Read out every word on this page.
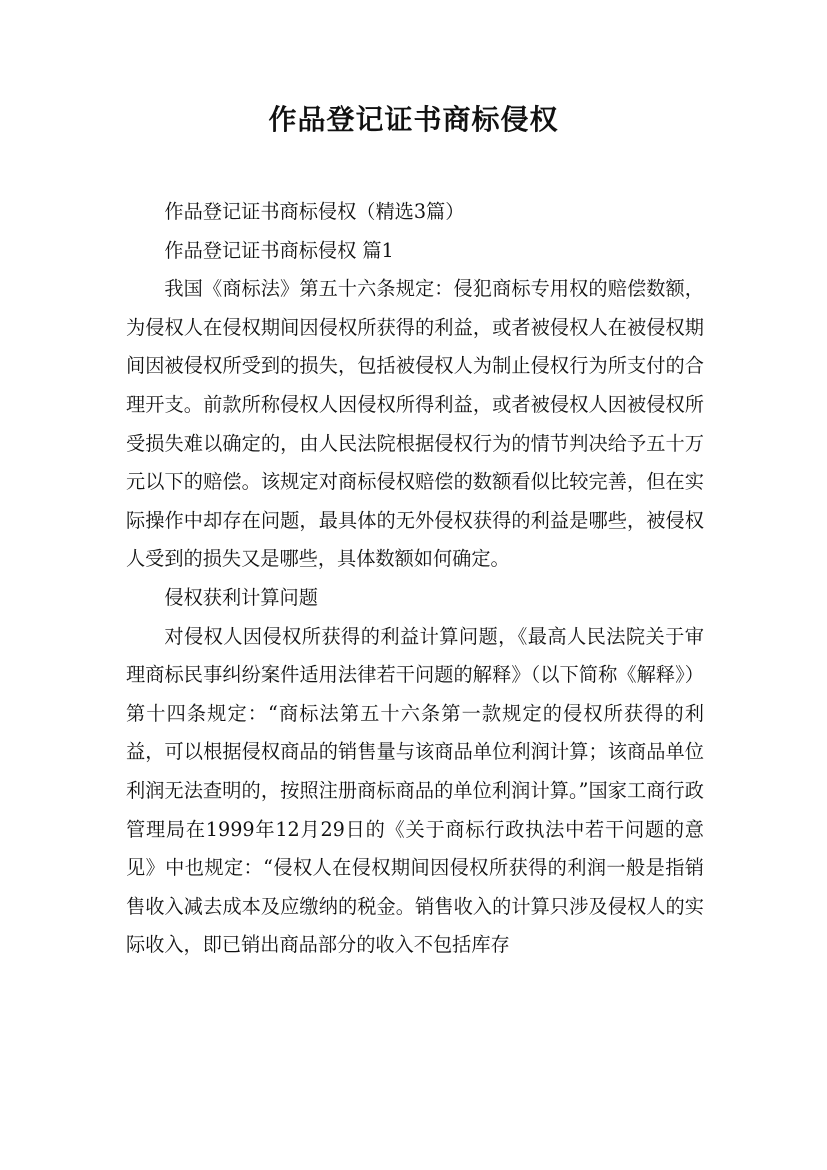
作品登记证书商标侵权

作品登记证书商标侵权（精选3篇）

作品登记证书商标侵权 篇1

我国《商标法》第五十六条规定：侵犯商标专用权的赔偿数额，为侵权人在侵权期间因侵权所获得的利益，或者被侵权人在被侵权期间因被侵权所受到的损失，包括被侵权人为制止侵权行为所支付的合理开支。前款所称侵权人因侵权所得利益，或者被侵权人因被侵权所受损失难以确定的，由人民法院根据侵权行为的情节判决给予五十万元以下的赔偿。该规定对商标侵权赔偿的数额看似比较完善，但在实际操作中却存在问题，最具体的无外侵权获得的利益是哪些，被侵权人受到的损失又是哪些，具体数额如何确定。

侵权获利计算问题

对侵权人因侵权所获得的利益计算问题，《最高人民法院关于审理商标民事纠纷案件适用法律若干问题的解释》（以下简称《解释》）第十四条规定：“商标法第五十六条第一款规定的侵权所获得的利益，可以根据侵权商品的销售量与该商品单位利润计算；该商品单位利润无法查明的，按照注册商标商品的单位利润计算。”国家工商行政管理局在1999年12月29日的《关于商标行政执法中若干问题的意见》中也规定：“侵权人在侵权期间因侵权所获得的利润一般是指销售收入减去成本及应缴纳的税金。销售收入的计算只涉及侵权人的实际收入，即已销出商品部分的收入不包括库存
